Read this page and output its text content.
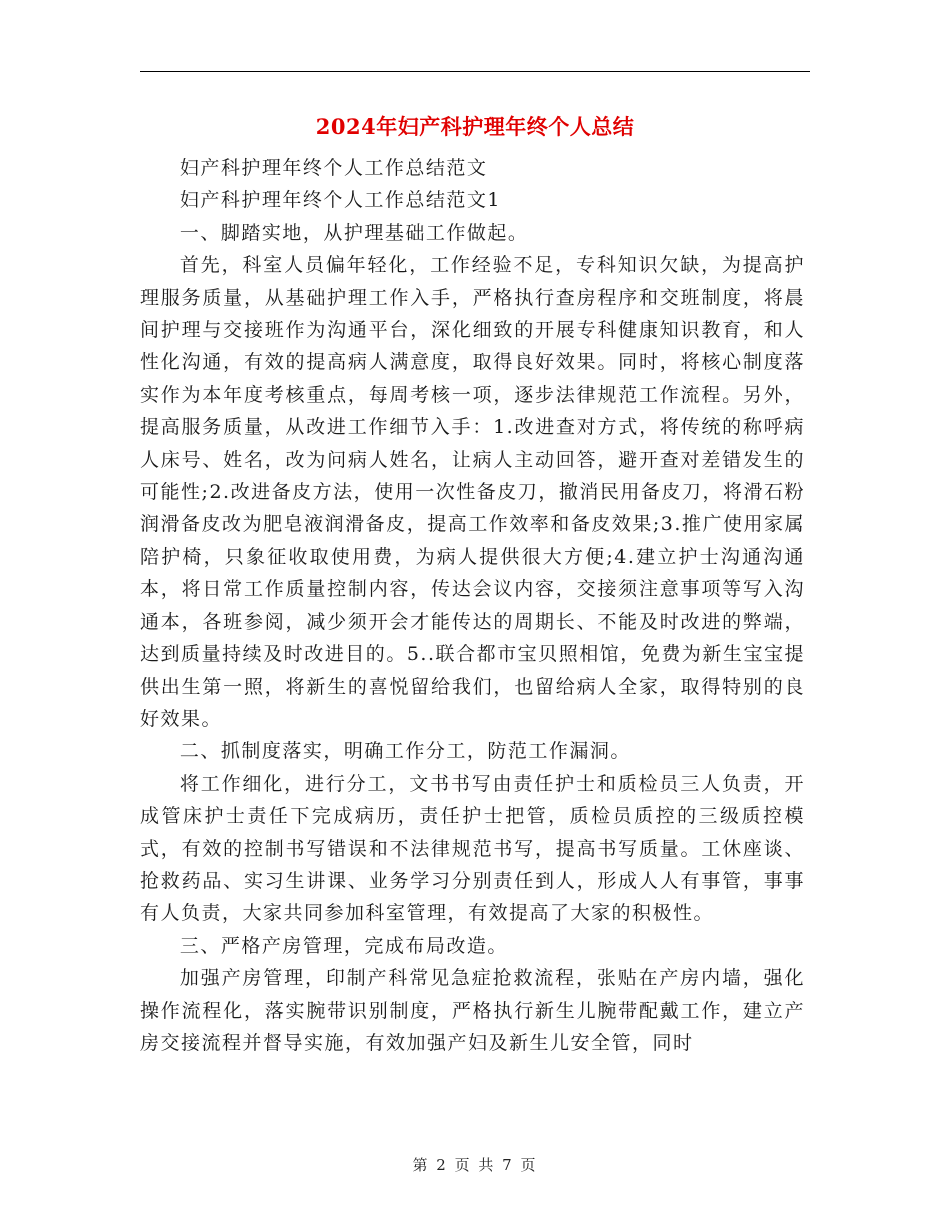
2024年妇产科护理年终个人总结

妇产科护理年终个人工作总结范文

妇产科护理年终个人工作总结范文1

一、脚踏实地，从护理基础工作做起。

首先，科室人员偏年轻化，工作经验不足，专科知识欠缺，为提高护理服务质量，从基础护理工作入手，严格执行查房程序和交班制度，将晨间护理与交接班作为沟通平台，深化细致的开展专科健康知识教育，和人性化沟通，有效的提高病人满意度，取得良好效果。同时，将核心制度落实作为本年度考核重点，每周考核一项，逐步法律规范工作流程。另外，提高服务质量，从改进工作细节入手：1.改进查对方式，将传统的称呼病人床号、姓名，改为问病人姓名，让病人主动回答，避开查对差错发生的可能性;2.改进备皮方法，使用一次性备皮刀，撤消民用备皮刀，将滑石粉润滑备皮改为肥皂液润滑备皮，提高工作效率和备皮效果;3.推广使用家属陪护椅，只象征收取使用费，为病人提供很大方便;4.建立护士沟通沟通本，将日常工作质量控制内容，传达会议内容，交接须注意事项等写入沟通本，各班参阅，减少须开会才能传达的周期长、不能及时改进的弊端，达到质量持续及时改进目的。5..联合都市宝贝照相馆，免费为新生宝宝提供出生第一照，将新生的喜悦留给我们，也留给病人全家，取得特别的良好效果。

二、抓制度落实，明确工作分工，防范工作漏洞。

将工作细化，进行分工，文书书写由责任护士和质检员三人负责，开成管床护士责任下完成病历，责任护士把管，质检员质控的三级质控模式，有效的控制书写错误和不法律规范书写，提高书写质量。工休座谈、抢救药品、实习生讲课、业务学习分别责任到人，形成人人有事管，事事有人负责，大家共同参加科室管理，有效提高了大家的积极性。

三、严格产房管理，完成布局改造。

加强产房管理，印制产科常见急症抢救流程，张贴在产房内墙，强化操作流程化，落实腕带识别制度，严格执行新生儿腕带配戴工作，建立产房交接流程并督导实施，有效加强产妇及新生儿安全管，同时

第 2 页 共 7 页
